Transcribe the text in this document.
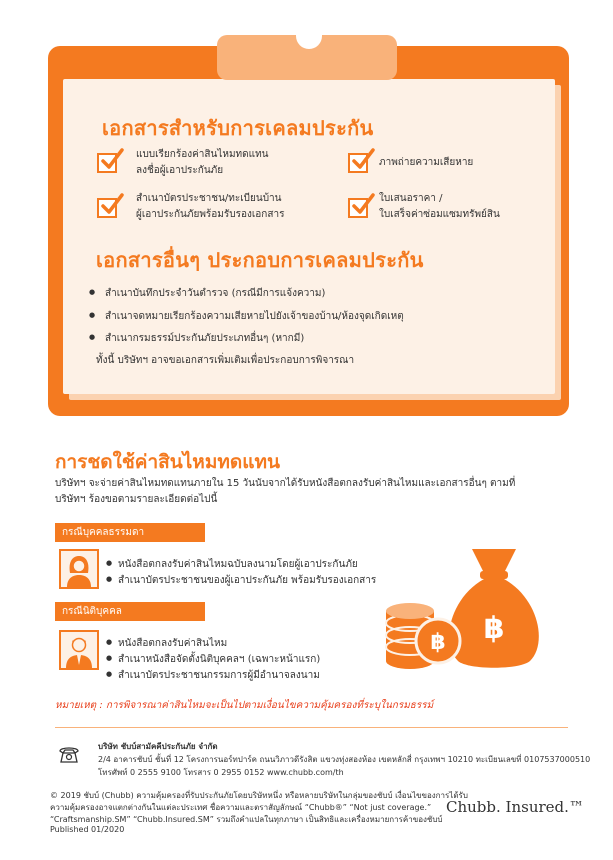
เอกสารสำหรับการเคลมประกัน
แบบเรียกร้องค่าสินไหมทดแทน
ลงชื่อผู้เอาประกันภัย
ภาพถ่ายความเสียหาย
สำเนาบัตรประชาชน/ทะเบียนบ้าน
ผู้เอาประกันภัยพร้อมรับรองเอกสาร
ใบเสนอราคา /
ใบเสร็จค่าซ่อมแซมทรัพย์สิน
เอกสารอื่นๆ ประกอบการเคลมประกัน
● สำเนาบันทึกประจำวันตำรวจ (กรณีมีการแจ้งความ)
● สำเนาจดหมายเรียกร้องความเสียหายไปยังเจ้าของบ้าน/ห้องจุดเกิดเหตุ
● สำเนากรมธรรม์ประกันภัยประเภทอื่นๆ (หากมี)
ทั้งนี้ บริษัทฯ อาจขอเอกสารเพิ่มเติมเพื่อประกอบการพิจารณา
การชดใช้ค่าสินไหมทดแทน
บริษัทฯ จะจ่ายค่าสินไหมทดแทนภายใน 15 วันนับจากได้รับหนังสือตกลงรับค่าสินไหมและเอกสารอื่นๆ ตามที่บริษัทฯ ร้องขอตามรายละเอียดต่อไปนี้
กรณีบุคคลธรรมดา
● หนังสือตกลงรับค่าสินไหมฉบับลงนามโดยผู้เอาประกันภัย
● สำเนาบัตรประชาชนของผู้เอาประกันภัย พร้อมรับรองเอกสาร
กรณีนิติบุคคล
● หนังสือตกลงรับค่าสินไหม
● สำเนาหนังสือจัดตั้งนิติบุคคลฯ (เฉพาะหน้าแรก)
● สำเนาบัตรประชาชนกรรมการผู้มีอำนาจลงนาม
฿
฿
หมายเหตุ : การพิจารณาค่าสินไหมจะเป็นไปตามเงื่อนไขความคุ้มครองที่ระบุในกรมธรรม์
บริษัท ชับบ์สามัคคีประกันภัย จำกัด
2/4 อาคารชับบ์ ชั้นที่ 12 โครงการนอร์ทปาร์ค ถนนวิภาวดีรังสิต แขวงทุ่งสองห้อง เขตหลักสี่ กรุงเทพฯ 10210 ทะเบียนเลขที่ 0107537000510
โทรศัพท์ 0 2555 9100 โทรสาร 0 2955 0152 www.chubb.com/th
© 2019 ชับบ์ (Chubb) ความคุ้มครองที่รับประกันภัยโดยบริษัทหนึ่ง หรือหลายบริษัทในกลุ่มของชับบ์ เงื่อนไขของการได้รับ
ความคุ้มครองอาจแตกต่างกันในแต่ละประเทศ ชื่อความและตราสัญลักษณ์ “Chubb®” “Not just coverage.”
“Craftsmanship.SM” “Chubb.Insured.SM” รวมถึงคำแปลในทุกภาษา เป็นสิทธิและเครื่องหมายการค้าของชับบ์
Published 01/2020
Chubb. Insured.™
